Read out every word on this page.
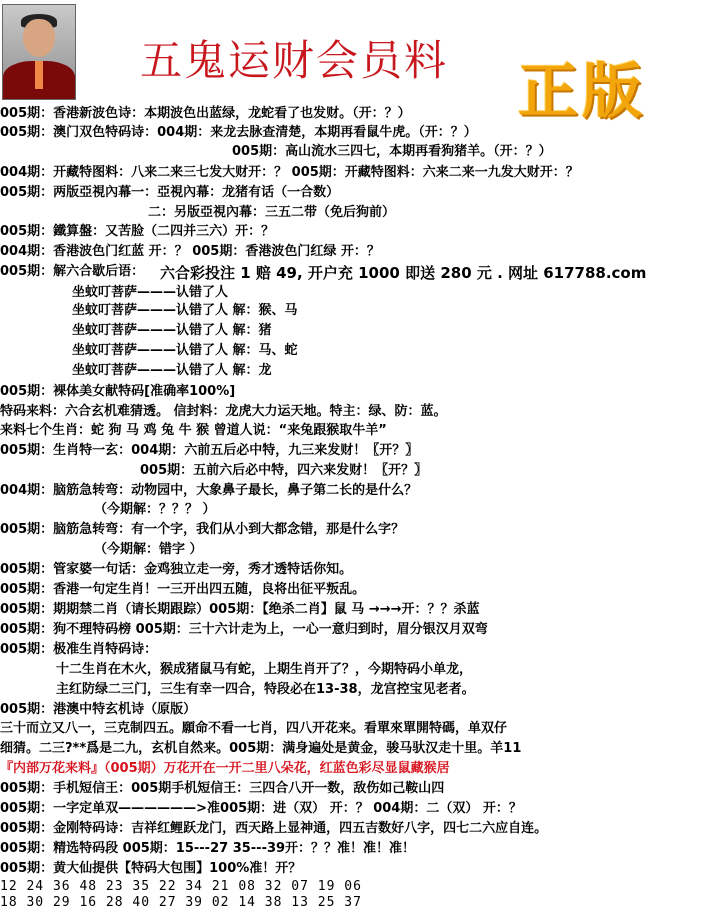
五鬼运财会员料 正版
005期：香港新波色诗：本期波色出蓝绿，龙蛇看了也发财。（开：？）
005期：澳门双色特码诗：004期：来龙去脉查清楚，本期再看鼠牛虎。（开：？）
005期：高山流水三四七，本期再看狗猪羊。（开：？）
004期：开藏特图料：八来二来三七发大财开：？ 005期：开藏特图料：六来二来一九发大财开：？
005期：两版亞視內幕一：亞視內幕：龙猪有话（一合数）
二：另版亞視內幕：三五二带（免后狗前）
005期：鐵算盤：又苦脸（二四并三六）开：？
004期：香港波色门红蓝 开：？ 005期：香港波色门红绿 开：？
005期：解六合歇后语： 六合彩投注 1 赔 49, 开户充 1000 即送 280 元 . 网址 617788.com
坐蚊叮菩萨———认错了人
坐蚊叮菩萨———认错了人 解：猴、马
坐蚊叮菩萨———认错了人 解：猪
坐蚊叮菩萨———认错了人 解：马、蛇
坐蚊叮菩萨———认错了人 解：龙
005期：裸体美女献特码[准确率100%]
特码来料：六合玄机难猜透。 信封料：龙虎大力运天地。特主：绿、防：蓝。
来料七个生肖：蛇 狗 马 鸡 兔 牛 猴 曾道人说：“来兔跟猴取牛羊”
005期：生肖特一玄：004期：六前五后必中特，九三来发财！〖开？〗
005期：五前六后必中特，四六来发财！〖开？〗
004期：脑筋急转弯：动物园中，大象鼻子最长，鼻子第二长的是什么？
（今期解：？？？ ）
005期：脑筋急转弯：有一个字，我们从小到大都念错，那是什么字？
（今期解：错字 ）
005期：管家婆一句话：金鸡独立走一旁，秀才透特话你知。
005期：香港一句定生肖！一三开出四五随，良将出征平叛乱。
005期：期期禁二肖（请长期跟踪）005期：【绝杀二肖】鼠 马 →→→开：？？杀蓝
005期：狗不理特码榜 005期：三十六计走为上，一心一意归到时，眉分银汉月双弯
005期：极准生肖特码诗：
十二生肖在木火，猴成猪鼠马有蛇，上期生肖开了？，今期特码小单龙，
主红防绿二三门，三生有幸一四合，特段必在13-38，龙宫控宝见老者。
005期：港澳中特玄机诗（原版）
三十而立又八一，三克制四五。願命不看一七肖，四八开花来。看單來單開特碼，单双仔
细猜。二三?**爲是二九，玄机自然来。005期：满身遍处是黄金，骏马驮汉走十里。羊11
『内部万花来料』（005期）万花开在一开二里八朵花，红蓝色彩尽显鼠藏猴居
005期：手机短信王：005期手机短信王：三四合八开一数，敌伤如己鞍山四
005期：一字定单双——————>准005期：进（双） 开：？ 004期：二（双） 开：？
005期：金刚特码诗：吉祥红鲤跃龙门，西天路上显神通，四五吉数好八字，四七二六应自连。
005期：精选特码段 005期：15---27 35---39开：？？准！准！准！
005期：黄大仙提供【特码大包围】100%准！开？
12 24 36 48 23 35 22 34 21 08 32 07 19 06
18 30 29 16 28 40 27 39 02 14 38 13 25 37
